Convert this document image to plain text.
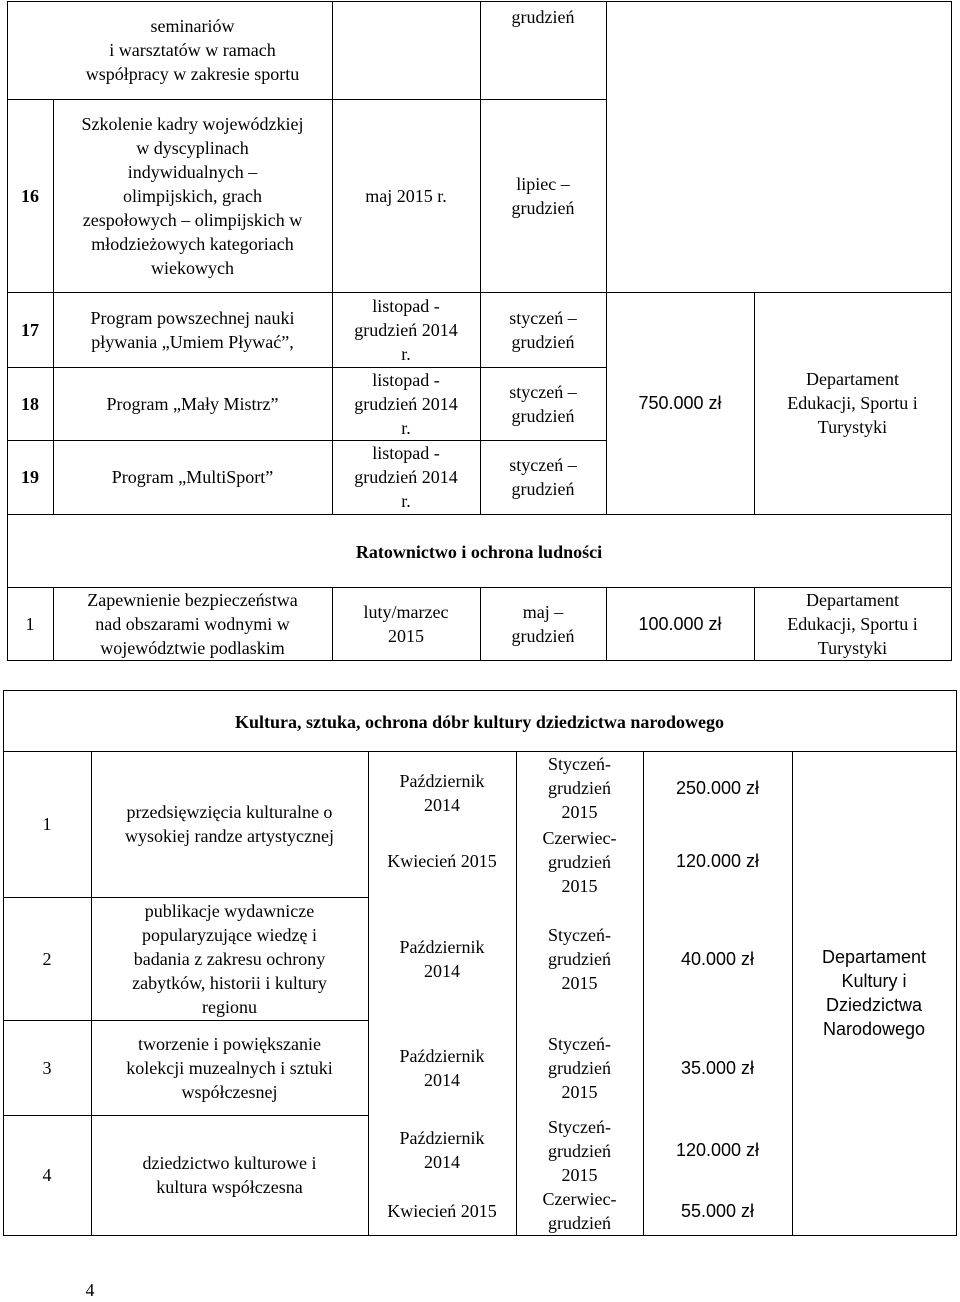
seminariów
i warsztatów w ramach
współpracy w zakresie sportu
grudzień
16
Szkolenie kadry wojewódzkiej
w dyscyplinach
indywidualnych –
olimpijskich, grach
zespołowych – olimpijskich w
młodzieżowych kategoriach
wiekowych
maj 2015 r.
lipiec –
grudzień
17
Program powszechnej nauki
pływania „Umiem Pływać”,
listopad -
grudzień 2014
r.
styczeń –
grudzień
18	Program „Mały Mistrz”
listopad -
grudzień 2014
r.
styczeń –
grudzień
19	Program „MultiSport”
listopad -
grudzień 2014
r.
styczeń –
grudzień
750.000 zł
Departament
Edukacji, Sportu i
Turystyki
Ratownictwo i ochrona ludności
1
Zapewnienie bezpieczeństwa
nad obszarami wodnymi w
województwie podlaskim
luty/marzec
2015
maj –
grudzień
100.000 zł
Departament
Edukacji, Sportu i
Turystyki
Kultura, sztuka, ochrona dóbr kultury dziedzictwa narodowego
1
przedsięwzięcia kulturalne o
wysokiej randze artystycznej
Październik
2014
Kwiecień 2015
Styczeń-
grudzień
2015
Czerwiec-
grudzień
2015
250.000 zł
120.000 zł
2
publikacje wydawnicze
popularyzujące wiedzę i
badania z zakresu ochrony
zabytków, historii i kultury
regionu
Październik
2014
Styczeń-
grudzień
2015
40.000 zł
3
tworzenie i powiększanie
kolekcji muzealnych i sztuki
współczesnej
Październik
2014
Styczeń-
grudzień
2015
35.000 zł
4
dziedzictwo kulturowe i
kultura współczesna
Październik
2014
Kwiecień 2015
Styczeń-
grudzień
2015
Czerwiec-
grudzień
120.000 zł
55.000 zł
Departament
Kultury i
Dziedzictwa
Narodowego
4
